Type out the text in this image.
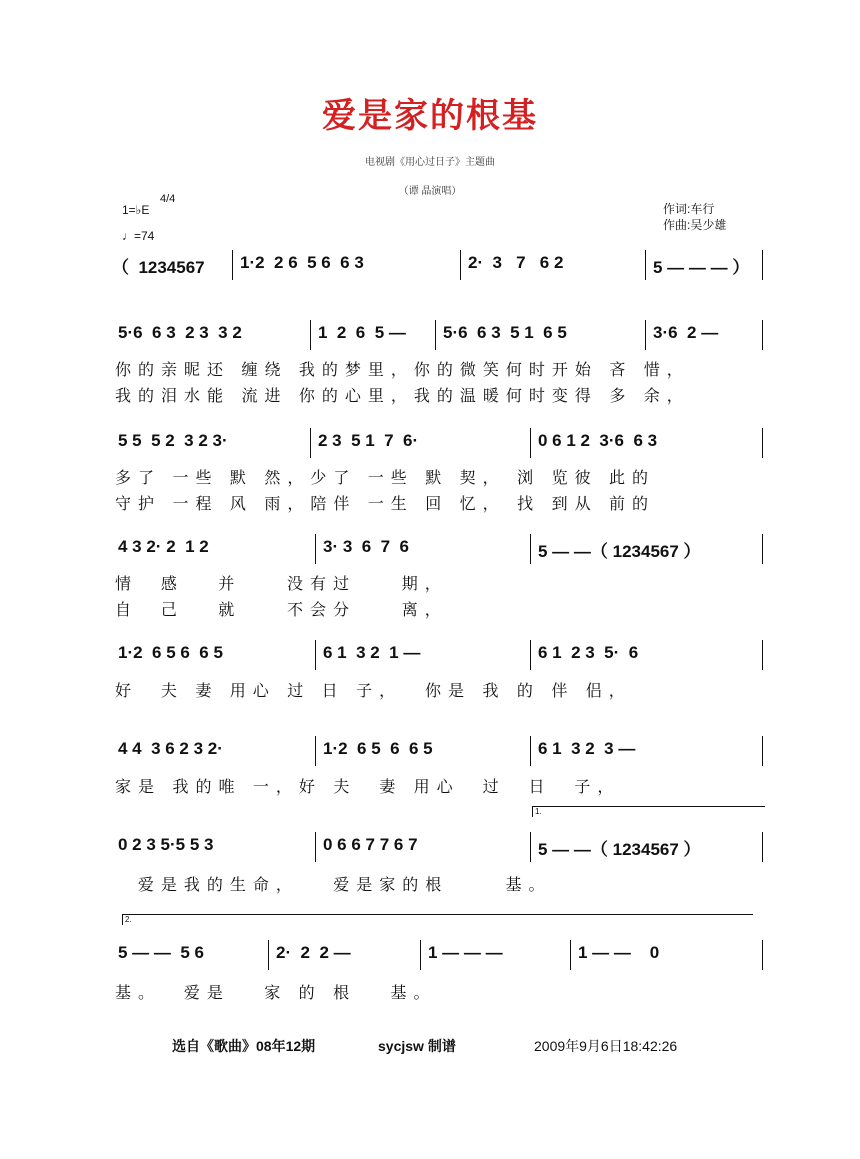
爱是家的根基
电视剧《用心过日子》主题曲
（谭 晶演唱）
1=♭E
4/4
♩=74
作词:车行
作曲:吴少雄
选自《歌曲》08年12期	sycjsw 制谱	2009年9月6日18:42:26
（  1234567 1·2  2 6  5 6  6 3	2·  3   7   6 2	5 — — — ）
5·6  6 3  2 3  3 2	1  2  6  5 — 5·6  6 3  5 1  6 5	3·6  2 —
你的亲昵还 缠绕 我的梦里，你的微笑何时开始 吝 惜，
我的泪水能 流进 你的心里，我的温暖何时变得 多 余，
5 5  5 2  3 2 3·	2 3  5 1  7  6·	0 6 1 2  3·6  6 3
多了 一些 默 然，少了 一些 默 契， 浏 览彼 此的
守护 一程 风 雨，陪伴 一生 回 忆， 找 到从 前的
4 3 2· 2  1 2	3· 3  6  7  6	5 — —（ 1234567 ）
情  感   并    没有过    期，
自  己   就    不会分    离，
1·2  6 5 6  6 5	6 1  3 2  1 —	6 1  2 3  5·  6
好  夫 妻 用心 过 日 子，  你是 我 的 伴 侣，
4 4  3 6 2 3 2·	1·2  6 5  6  6 5	6 1  3 2  3 —
家是 我的唯 一，好 夫  妻 用心  过  日  子，
0 2 3 5·5 5 3	0 6 6 7 7 6 7	5 — —（ 1234567 ）
爱是我的生命，   爱是家的根     基。
1.
5 — —  5 6	2·  2  2 —	1 — — —	1 — —    0
基。  爱是   家 的 根   基。
2.
